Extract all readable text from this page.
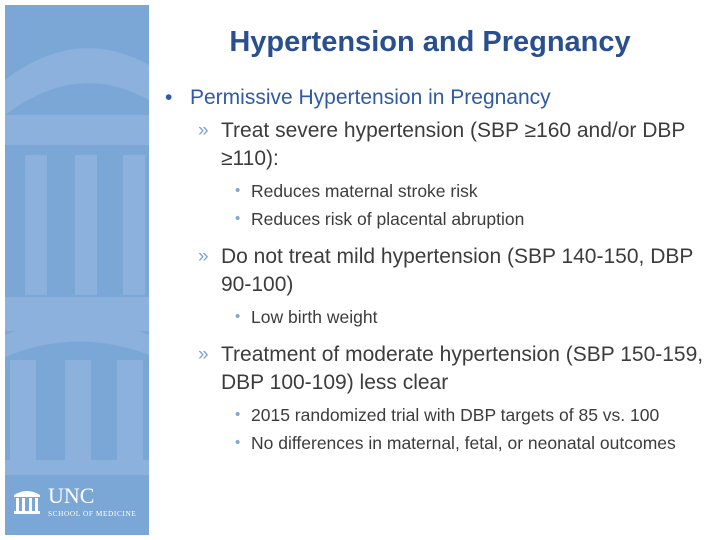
UNC
SCHOOL OF MEDICINE
Hypertension and Pregnancy
• Permissive Hypertension in Pregnancy
» Treat severe hypertension (SBP ≥160 and/or DBP ≥110):
• Reduces maternal stroke risk
• Reduces risk of placental abruption
» Do not treat mild hypertension (SBP 140-150, DBP 90-100)
• Low birth weight
» Treatment of moderate hypertension (SBP 150-159, DBP 100-109) less clear
• 2015 randomized trial with DBP targets of 85 vs. 100
• No differences in maternal, fetal, or neonatal outcomes
